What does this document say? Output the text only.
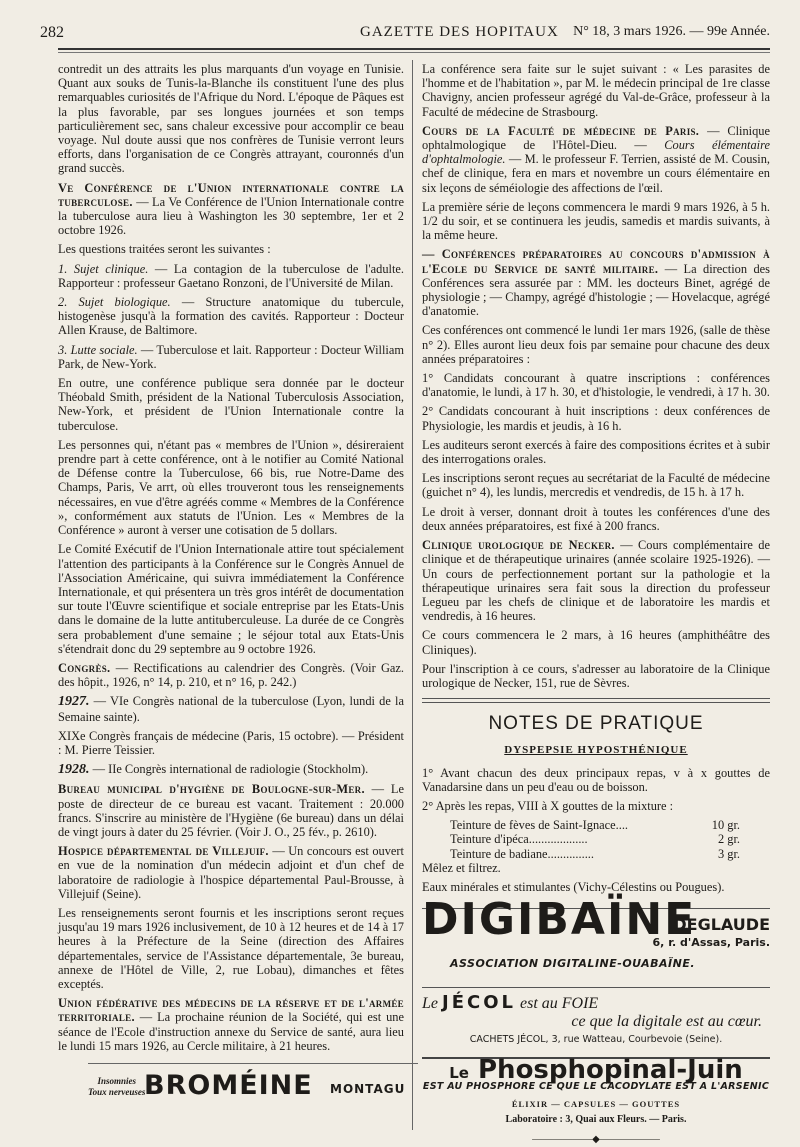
282	GAZETTE DES HOPITAUX N° 18, 3 mars 1926. — 99e Année.

contredit un des attraits les plus marquants d'un voyage en Tunisie. Quant aux souks de Tunis-la-Blanche ils constituent l'une des plus remarquables curiosités de l'Afrique du Nord. L'époque de Pâques est la plus favorable, par ses longues journées et son temps particulièrement sec, sans chaleur excessive pour accomplir ce beau voyage. Nul doute aussi que nos confrères de Tunisie verront leurs efforts, dans l'organisation de ce Congrès attrayant, couronnés d'un grand succès.

Ve Conférence de l'Union internationale contre la tuberculose. — La Ve Conférence de l'Union Internationale contre la tuberculose aura lieu à Washington les 30 septembre, 1er et 2 octobre 1926.

Les questions traitées seront les suivantes :

1. Sujet clinique. — La contagion de la tuberculose de l'adulte. Rapporteur : professeur Gaetano Ronzoni, de l'Université de Milan.

2. Sujet biologique. — Structure anatomique du tubercule, histogenèse jusqu'à la formation des cavités. Rapporteur : Docteur Allen Krause, de Baltimore.

3. Lutte sociale. — Tuberculose et lait. Rapporteur : Docteur William Park, de New-York.

En outre, une conférence publique sera donnée par le docteur Théobald Smith, président de la National Tuberculosis Association, New-York, et président de l'Union Internationale contre la tuberculose.

Les personnes qui, n'étant pas « membres de l'Union », désireraient prendre part à cette conférence, ont à le notifier au Comité National de Défense contre la Tuberculose, 66 bis, rue Notre-Dame des Champs, Paris, Ve arrt, où elles trouveront tous les renseignements nécessaires, en vue d'être agréés comme « Membres de la Conférence », conformément aux statuts de l'Union. Les « Membres de la Conférence » auront à verser une cotisation de 5 dollars.

Le Comité Exécutif de l'Union Internationale attire tout spécialement l'attention des participants à la Conférence sur le Congrès Annuel de l'Association Américaine, qui suivra immédiatement la Conférence Internationale, et qui présentera un très gros intérêt de documentation sur toute l'Œuvre scientifique et sociale entreprise par les Etats-Unis dans le domaine de la lutte antituberculeuse. La durée de ce Congrès sera probablement d'une semaine ; le séjour total aux Etats-Unis s'étendrait donc du 29 septembre au 9 octobre 1926.

Congrès. — Rectifications au calendrier des Congrès. (Voir Gaz. des hôpit., 1926, n° 14, p. 210, et n° 16, p. 242.)

1927. — VIe Congrès national de la tuberculose (Lyon, lundi de la Semaine sainte).

XIXe Congrès français de médecine (Paris, 15 octobre). — Président : M. Pierre Teissier.

1928. — IIe Congrès international de radiologie (Stockholm).

Bureau municipal d'hygiène de Boulogne-sur-Mer. — Le poste de directeur de ce bureau est vacant. Traitement : 20.000 francs. S'inscrire au ministère de l'Hygiène (6e bureau) dans un délai de vingt jours à dater du 25 février. (Voir J. O., 25 fév., p. 2610).

Hospice départemental de Villejuif. — Un concours est ouvert en vue de la nomination d'un médecin adjoint et d'un chef de laboratoire de radiologie à l'hospice départemental Paul-Brousse, à Villejuif (Seine).

Les renseignements seront fournis et les inscriptions seront reçues jusqu'au 19 mars 1926 inclusivement, de 10 à 12 heures et de 14 à 17 heures à la Préfecture de la Seine (direction des Affaires départementales, service de l'Assistance départementale, 3e bureau, annexe de l'Hôtel de Ville, 2, rue Lobau), dimanches et fêtes exceptés.

Union fédérative des médecins de la réserve et de l'armée territoriale. — La prochaine réunion de la Société, qui est une séance de l'Ecole d'instruction annexe du Service de santé, aura lieu le lundi 15 mars 1926, au Cercle militaire, à 21 heures.

Insomnies
Toux nerveuses
BROMÉINE MONTAGU

La conférence sera faite sur le sujet suivant : « Les parasites de l'homme et de l'habitation », par M. le médecin principal de 1re classe Chavigny, ancien professeur agrégé du Val-de-Grâce, professeur à la Faculté de médecine de Strasbourg.

Cours de la Faculté de médecine de Paris. — Clinique ophtalmologique de l'Hôtel-Dieu. — Cours élémentaire d'ophtalmologie. — M. le professeur F. Terrien, assisté de M. Cousin, chef de clinique, fera en mars et novembre un cours élémentaire en six leçons de séméiologie des affections de l'œil.

La première série de leçons commencera le mardi 9 mars 1926, à 5 h. 1/2 du soir, et se continuera les jeudis, samedis et mardis suivants, à la même heure.

— Conférences préparatoires au concours d'admission à l'Ecole du Service de santé militaire. — La direction des Conférences sera assurée par : MM. les docteurs Binet, agrégé de physiologie ; — Champy, agrégé d'histologie ; — Hovelacque, agrégé d'anatomie.

Ces conférences ont commencé le lundi 1er mars 1926, (salle de thèse n° 2). Elles auront lieu deux fois par semaine pour chacune des deux années préparatoires :

1° Candidats concourant à quatre inscriptions : conférences d'anatomie, le lundi, à 17 h. 30, et d'histologie, le vendredi, à 17 h. 30.

2° Candidats concourant à huit inscriptions : deux conférences de Physiologie, les mardis et jeudis, à 16 h.

Les auditeurs seront exercés à faire des compositions écrites et à subir des interrogations orales.

Les inscriptions seront reçues au secrétariat de la Faculté de médecine (guichet n° 4), les lundis, mercredis et vendredis, de 15 h. à 17 h.

Le droit à verser, donnant droit à toutes les conférences d'une des deux années préparatoires, est fixé à 200 francs.

Clinique urologique de Necker. — Cours complémentaire de clinique et de thérapeutique urinaires (année scolaire 1925-1926). — Un cours de perfectionnement portant sur la pathologie et la thérapeutique urinaires sera fait sous la direction du professeur Legueu par les chefs de clinique et de laboratoire les mardis et vendredis, à 16 heures.

Ce cours commencera le 2 mars, à 16 heures (amphithéâtre des Cliniques).

Pour l'inscription à ce cours, s'adresser au laboratoire de la Clinique urologique de Necker, 151, rue de Sèvres.

NOTES DE PRATIQUE
DYSPEPSIE HYPOSTHÉNIQUE

1° Avant chacun des deux principaux repas, v à x gouttes de Vanadarsine dans un peu d'eau ou de boisson.

2° Après les repas, VIII à X gouttes de la mixture :

Teinture de fèves de Saint-Ignace....	10 gr.
Teinture d'ipéca...................	2 gr.
Teinture de badiane...............	3 gr.

Mêlez et filtrez.

Eaux minérales et stimulantes (Vichy-Célestins ou Pougues).

DIGIBAÏNE
DEGLAUDE
6, r. d'Assas, Paris.
ASSOCIATION DIGITALINE-OUABAÏNE.
Le JÉCOL est au FOIE
ce que la digitale est au cœur.
CACHETS JÉCOL, 3, rue Watteau, Courbevoie (Seine).
Le Phosphopinal-Juin
EST AU PHOSPHORE CE QUE LE CACODYLATE EST A L'ARSENIC
ÉLIXIR — CAPSULES — GOUTTES
Laboratoire : 3, Quai aux Fleurs. — Paris.
——————◆——————
